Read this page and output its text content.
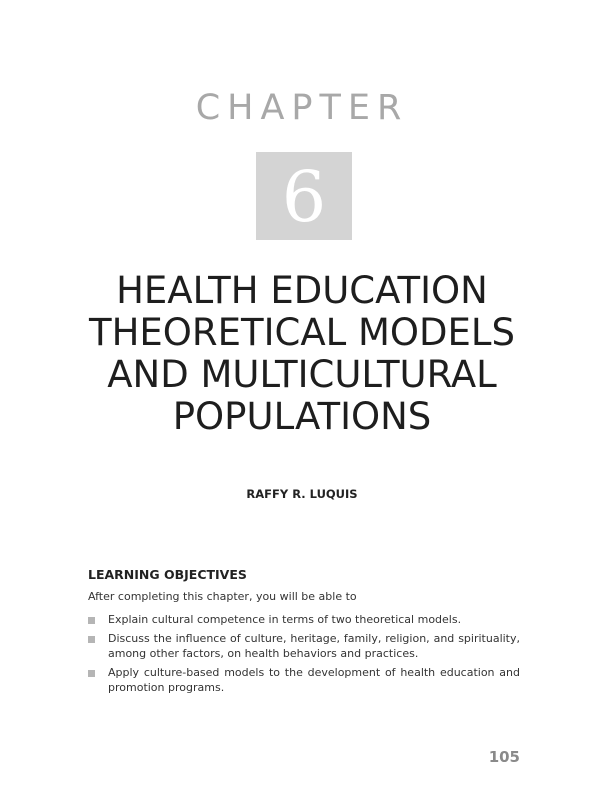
CHAPTER
6
HEALTH EDUCATION
THEORETICAL MODELS
AND MULTICULTURAL
POPULATIONS
RAFFY R. LUQUIS
LEARNING OBJECTIVES
After completing this chapter, you will be able to
Explain cultural competence in terms of two theoretical models.
Discuss the influence of culture, heritage, family, religion, and spirituality, among other factors, on health behaviors and practices.
Apply culture-based models to the development of health education and promotion programs.
105
